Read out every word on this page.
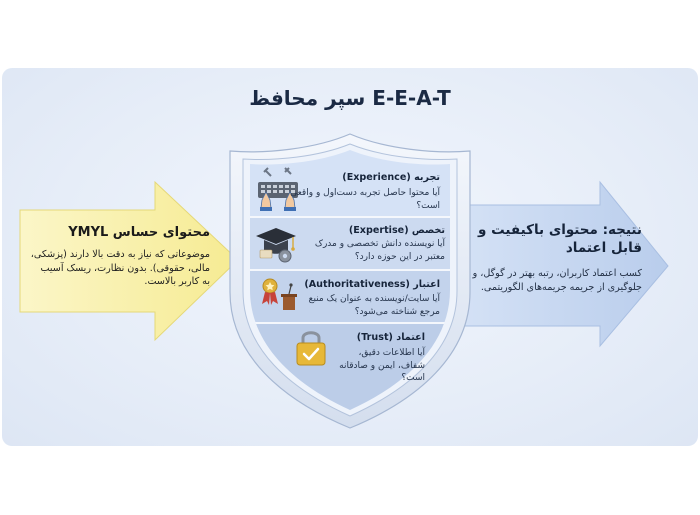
سپر محافظ E-E-A-T
محتوای حساس YMYL
موضوعاتی که نیاز به دقت بالا دارند (پزشکی، مالی، حقوقی). بدون نظارت، ریسک آسیب به کاربر بالاست.
تجربه (Experience)
آیا محتوا حاصل تجربه دست‌اول و واقعی است؟
تخصص (Expertise)
آیا نویسنده دانش تخصصی و مدرک معتبر در این حوزه دارد؟
اعتبار (Authoritativeness)
آیا سایت/نویسنده به عنوان یک منبع مرجع شناخته می‌شود؟
اعتماد (Trust)
آیا اطلاعات دقیق، شفاف، ایمن و صادقانه است؟
نتیجه: محتوای باکیفیت و قابل اعتماد
کسب اعتماد کاربران، رتبه بهتر در گوگل، و جلوگیری از جریمه جریمه‌های الگوریتمی.
